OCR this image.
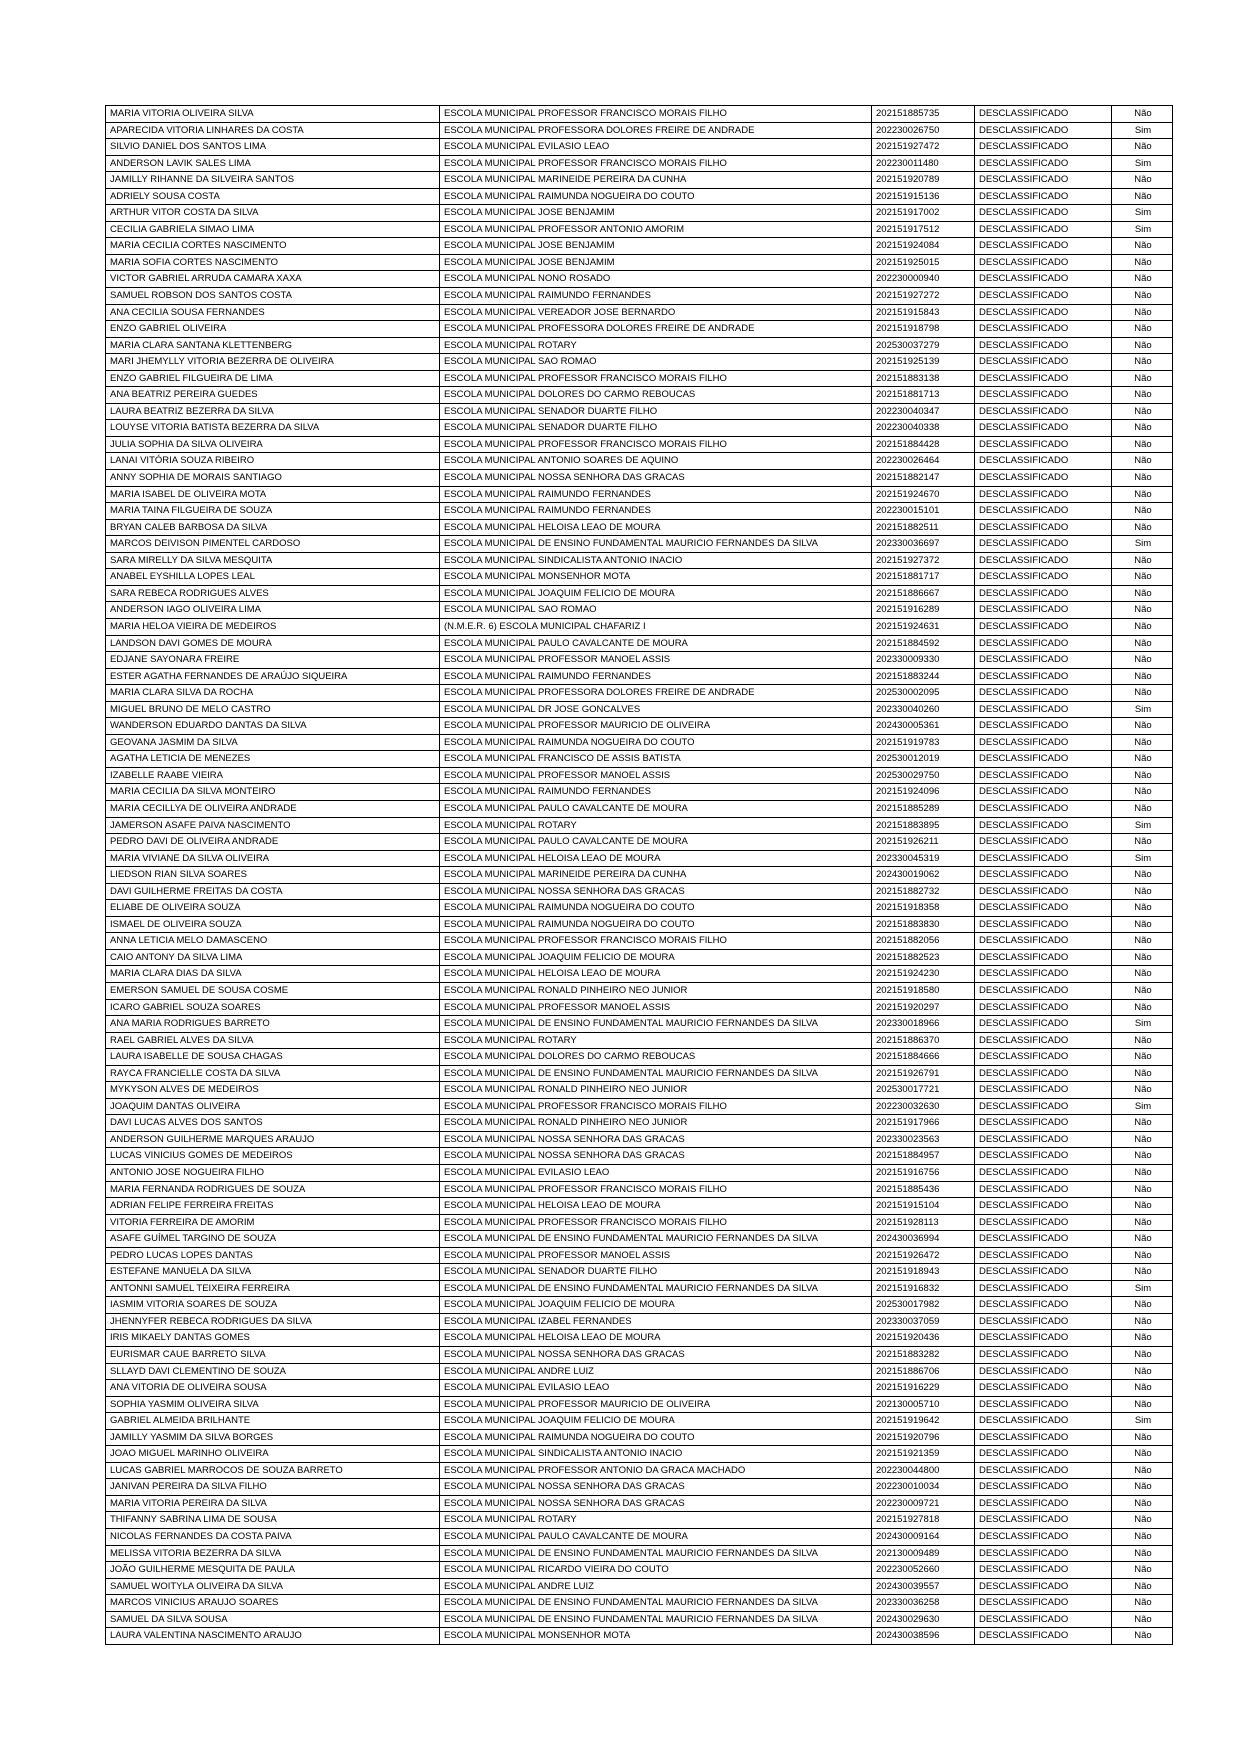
MARIA VITORIA OLIVEIRA SILVA	ESCOLA MUNICIPAL PROFESSOR FRANCISCO MORAIS FILHO	202151885735	DESCLASSIFICADO	Não
APARECIDA VITORIA LINHARES DA COSTA	ESCOLA MUNICIPAL PROFESSORA DOLORES FREIRE DE ANDRADE	202230026750	DESCLASSIFICADO	Sim
SILVIO DANIEL DOS SANTOS LIMA	ESCOLA MUNICIPAL EVILASIO LEAO	202151927472	DESCLASSIFICADO	Não
ANDERSON LAVIK SALES LIMA	ESCOLA MUNICIPAL PROFESSOR FRANCISCO MORAIS FILHO	202230011480	DESCLASSIFICADO	Sim
JAMILLY RIHANNE DA SILVEIRA SANTOS	ESCOLA MUNICIPAL MARINEIDE PEREIRA DA CUNHA	202151920789	DESCLASSIFICADO	Não
ADRIELY SOUSA COSTA	ESCOLA MUNICIPAL RAIMUNDA NOGUEIRA DO COUTO	202151915136	DESCLASSIFICADO	Não
ARTHUR VITOR COSTA DA SILVA	ESCOLA MUNICIPAL JOSE BENJAMIM	202151917002	DESCLASSIFICADO	Sim
CECILIA GABRIELA SIMAO LIMA	ESCOLA MUNICIPAL PROFESSOR ANTONIO AMORIM	202151917512	DESCLASSIFICADO	Sim
MARIA CECILIA CORTES NASCIMENTO	ESCOLA MUNICIPAL JOSE BENJAMIM	202151924084	DESCLASSIFICADO	Não
MARIA SOFIA CORTES NASCIMENTO	ESCOLA MUNICIPAL JOSE BENJAMIM	202151925015	DESCLASSIFICADO	Não
VICTOR GABRIEL ARRUDA CAMARA XAXA	ESCOLA MUNICIPAL NONO ROSADO	202230000940	DESCLASSIFICADO	Não
SAMUEL ROBSON DOS SANTOS COSTA	ESCOLA MUNICIPAL RAIMUNDO FERNANDES	202151927272	DESCLASSIFICADO	Não
ANA CECILIA SOUSA FERNANDES	ESCOLA MUNICIPAL VEREADOR JOSE BERNARDO	202151915843	DESCLASSIFICADO	Não
ENZO GABRIEL OLIVEIRA	ESCOLA MUNICIPAL PROFESSORA DOLORES FREIRE DE ANDRADE	202151918798	DESCLASSIFICADO	Não
MARIA CLARA SANTANA KLETTENBERG	ESCOLA MUNICIPAL ROTARY	202530037279	DESCLASSIFICADO	Não
MARI JHEMYLLY VITORIA BEZERRA DE OLIVEIRA	ESCOLA MUNICIPAL SAO ROMAO	202151925139	DESCLASSIFICADO	Não
ENZO GABRIEL FILGUEIRA DE LIMA	ESCOLA MUNICIPAL PROFESSOR FRANCISCO MORAIS FILHO	202151883138	DESCLASSIFICADO	Não
ANA BEATRIZ PEREIRA GUEDES	ESCOLA MUNICIPAL DOLORES DO CARMO REBOUCAS	202151881713	DESCLASSIFICADO	Não
LAURA BEATRIZ BEZERRA DA SILVA	ESCOLA MUNICIPAL SENADOR DUARTE FILHO	202230040347	DESCLASSIFICADO	Não
LOUYSE VITORIA BATISTA BEZERRA DA SILVA	ESCOLA MUNICIPAL SENADOR DUARTE FILHO	202230040338	DESCLASSIFICADO	Não
JULIA SOPHIA DA SILVA OLIVEIRA	ESCOLA MUNICIPAL PROFESSOR FRANCISCO MORAIS FILHO	202151884428	DESCLASSIFICADO	Não
LANAI VITÓRIA SOUZA RIBEIRO	ESCOLA MUNICIPAL ANTONIO SOARES DE AQUINO	202230026464	DESCLASSIFICADO	Não
ANNY SOPHIA DE MORAIS SANTIAGO	ESCOLA MUNICIPAL NOSSA SENHORA DAS GRACAS	202151882147	DESCLASSIFICADO	Não
MARIA ISABEL DE OLIVEIRA MOTA	ESCOLA MUNICIPAL RAIMUNDO FERNANDES	202151924670	DESCLASSIFICADO	Não
MARIA TAINA FILGUEIRA DE SOUZA	ESCOLA MUNICIPAL RAIMUNDO FERNANDES	202230015101	DESCLASSIFICADO	Não
BRYAN CALEB BARBOSA DA SILVA	ESCOLA MUNICIPAL HELOISA LEAO DE MOURA	202151882511	DESCLASSIFICADO	Não
MARCOS DEIVISON PIMENTEL CARDOSO	ESCOLA MUNICIPAL DE ENSINO FUNDAMENTAL MAURICIO FERNANDES DA SILVA	202330036697	DESCLASSIFICADO	Sim
SARA MIRELLY DA SILVA MESQUITA	ESCOLA MUNICIPAL SINDICALISTA ANTONIO INACIO	202151927372	DESCLASSIFICADO	Não
ANABEL EYSHILLA LOPES LEAL	ESCOLA MUNICIPAL MONSENHOR MOTA	202151881717	DESCLASSIFICADO	Não
SARA REBECA RODRIGUES ALVES	ESCOLA MUNICIPAL JOAQUIM FELICIO DE MOURA	202151886667	DESCLASSIFICADO	Não
ANDERSON IAGO OLIVEIRA LIMA	ESCOLA MUNICIPAL SAO ROMAO	202151916289	DESCLASSIFICADO	Não
MARIA HELOA VIEIRA DE MEDEIROS	(N.M.E.R. 6) ESCOLA MUNICIPAL CHAFARIZ I	202151924631	DESCLASSIFICADO	Não
LANDSON DAVI GOMES DE MOURA	ESCOLA MUNICIPAL PAULO CAVALCANTE DE MOURA	202151884592	DESCLASSIFICADO	Não
EDJANE SAYONARA FREIRE	ESCOLA MUNICIPAL PROFESSOR MANOEL ASSIS	202330009330	DESCLASSIFICADO	Não
ESTER AGATHA FERNANDES DE ARAÚJO SIQUEIRA	ESCOLA MUNICIPAL RAIMUNDO FERNANDES	202151883244	DESCLASSIFICADO	Não
MARIA CLARA SILVA DA ROCHA	ESCOLA MUNICIPAL PROFESSORA DOLORES FREIRE DE ANDRADE	202530002095	DESCLASSIFICADO	Não
MIGUEL BRUNO DE MELO CASTRO	ESCOLA MUNICIPAL DR JOSE GONCALVES	202330040260	DESCLASSIFICADO	Sim
WANDERSON EDUARDO DANTAS DA SILVA	ESCOLA MUNICIPAL PROFESSOR MAURICIO DE OLIVEIRA	202430005361	DESCLASSIFICADO	Não
GEOVANA JASMIM DA SILVA	ESCOLA MUNICIPAL RAIMUNDA NOGUEIRA DO COUTO	202151919783	DESCLASSIFICADO	Não
AGATHA LETICIA DE MENEZES	ESCOLA MUNICIPAL FRANCISCO DE ASSIS BATISTA	202530012019	DESCLASSIFICADO	Não
IZABELLE RAABE VIEIRA	ESCOLA MUNICIPAL PROFESSOR MANOEL ASSIS	202530029750	DESCLASSIFICADO	Não
MARIA CECILIA DA SILVA MONTEIRO	ESCOLA MUNICIPAL RAIMUNDO FERNANDES	202151924096	DESCLASSIFICADO	Não
MARIA CECILLYA DE OLIVEIRA ANDRADE	ESCOLA MUNICIPAL PAULO CAVALCANTE DE MOURA	202151885289	DESCLASSIFICADO	Não
JAMERSON ASAFE PAIVA NASCIMENTO	ESCOLA MUNICIPAL ROTARY	202151883895	DESCLASSIFICADO	Sim
PEDRO DAVI DE OLIVEIRA ANDRADE	ESCOLA MUNICIPAL PAULO CAVALCANTE DE MOURA	202151926211	DESCLASSIFICADO	Não
MARIA VIVIANE DA SILVA OLIVEIRA	ESCOLA MUNICIPAL HELOISA LEAO DE MOURA	202330045319	DESCLASSIFICADO	Sim
LIEDSON RIAN SILVA SOARES	ESCOLA MUNICIPAL MARINEIDE PEREIRA DA CUNHA	202430019062	DESCLASSIFICADO	Não
DAVI GUILHERME FREITAS DA COSTA	ESCOLA MUNICIPAL NOSSA SENHORA DAS GRACAS	202151882732	DESCLASSIFICADO	Não
ELIABE DE OLIVEIRA SOUZA	ESCOLA MUNICIPAL RAIMUNDA NOGUEIRA DO COUTO	202151918358	DESCLASSIFICADO	Não
ISMAEL DE OLIVEIRA SOUZA	ESCOLA MUNICIPAL RAIMUNDA NOGUEIRA DO COUTO	202151883830	DESCLASSIFICADO	Não
ANNA LETICIA MELO DAMASCENO	ESCOLA MUNICIPAL PROFESSOR FRANCISCO MORAIS FILHO	202151882056	DESCLASSIFICADO	Não
CAIO ANTONY DA SILVA LIMA	ESCOLA MUNICIPAL JOAQUIM FELICIO DE MOURA	202151882523	DESCLASSIFICADO	Não
MARIA CLARA DIAS DA SILVA	ESCOLA MUNICIPAL HELOISA LEAO DE MOURA	202151924230	DESCLASSIFICADO	Não
EMERSON SAMUEL DE SOUSA COSME	ESCOLA MUNICIPAL RONALD PINHEIRO NEO JUNIOR	202151918580	DESCLASSIFICADO	Não
ICARO GABRIEL SOUZA SOARES	ESCOLA MUNICIPAL PROFESSOR MANOEL ASSIS	202151920297	DESCLASSIFICADO	Não
ANA MARIA RODRIGUES BARRETO	ESCOLA MUNICIPAL DE ENSINO FUNDAMENTAL MAURICIO FERNANDES DA SILVA	202330018966	DESCLASSIFICADO	Sim
RAEL GABRIEL ALVES DA SILVA	ESCOLA MUNICIPAL ROTARY	202151886370	DESCLASSIFICADO	Não
LAURA ISABELLE DE SOUSA CHAGAS	ESCOLA MUNICIPAL DOLORES DO CARMO REBOUCAS	202151884666	DESCLASSIFICADO	Não
RAYCA FRANCIELLE COSTA DA SILVA	ESCOLA MUNICIPAL DE ENSINO FUNDAMENTAL MAURICIO FERNANDES DA SILVA	202151926791	DESCLASSIFICADO	Não
MYKYSON ALVES DE MEDEIROS	ESCOLA MUNICIPAL RONALD PINHEIRO NEO JUNIOR	202530017721	DESCLASSIFICADO	Não
JOAQUIM DANTAS OLIVEIRA	ESCOLA MUNICIPAL PROFESSOR FRANCISCO MORAIS FILHO	202230032630	DESCLASSIFICADO	Sim
DAVI LUCAS ALVES DOS SANTOS	ESCOLA MUNICIPAL RONALD PINHEIRO NEO JUNIOR	202151917966	DESCLASSIFICADO	Não
ANDERSON GUILHERME MARQUES ARAUJO	ESCOLA MUNICIPAL NOSSA SENHORA DAS GRACAS	202330023563	DESCLASSIFICADO	Não
LUCAS VINICIUS GOMES DE MEDEIROS	ESCOLA MUNICIPAL NOSSA SENHORA DAS GRACAS	202151884957	DESCLASSIFICADO	Não
ANTONIO JOSE NOGUEIRA FILHO	ESCOLA MUNICIPAL EVILASIO LEAO	202151916756	DESCLASSIFICADO	Não
MARIA FERNANDA RODRIGUES DE SOUZA	ESCOLA MUNICIPAL PROFESSOR FRANCISCO MORAIS FILHO	202151885436	DESCLASSIFICADO	Não
ADRIAN FELIPE FERREIRA FREITAS	ESCOLA MUNICIPAL HELOISA LEAO DE MOURA	202151915104	DESCLASSIFICADO	Não
VITORIA FERREIRA DE AMORIM	ESCOLA MUNICIPAL PROFESSOR FRANCISCO MORAIS FILHO	202151928113	DESCLASSIFICADO	Não
ASAFE GUÍMEL TARGINO DE SOUZA	ESCOLA MUNICIPAL DE ENSINO FUNDAMENTAL MAURICIO FERNANDES DA SILVA	202430036994	DESCLASSIFICADO	Não
PEDRO LUCAS LOPES DANTAS	ESCOLA MUNICIPAL PROFESSOR MANOEL ASSIS	202151926472	DESCLASSIFICADO	Não
ESTEFANE MANUELA DA SILVA	ESCOLA MUNICIPAL SENADOR DUARTE FILHO	202151918943	DESCLASSIFICADO	Não
ANTONNI SAMUEL TEIXEIRA FERREIRA	ESCOLA MUNICIPAL DE ENSINO FUNDAMENTAL MAURICIO FERNANDES DA SILVA	202151916832	DESCLASSIFICADO	Sim
IASMIM VITORIA SOARES DE SOUZA	ESCOLA MUNICIPAL JOAQUIM FELICIO DE MOURA	202530017982	DESCLASSIFICADO	Não
JHENNYFER REBECA RODRIGUES DA SILVA	ESCOLA MUNICIPAL IZABEL FERNANDES	202330037059	DESCLASSIFICADO	Não
IRIS MIKAELY DANTAS GOMES	ESCOLA MUNICIPAL HELOISA LEAO DE MOURA	202151920436	DESCLASSIFICADO	Não
EURISMAR CAUE BARRETO SILVA	ESCOLA MUNICIPAL NOSSA SENHORA DAS GRACAS	202151883282	DESCLASSIFICADO	Não
SLLAYD DAVI CLEMENTINO DE SOUZA	ESCOLA MUNICIPAL ANDRE LUIZ	202151886706	DESCLASSIFICADO	Não
ANA VITORIA DE OLIVEIRA SOUSA	ESCOLA MUNICIPAL EVILASIO LEAO	202151916229	DESCLASSIFICADO	Não
SOPHIA YASMIM OLIVEIRA SILVA	ESCOLA MUNICIPAL PROFESSOR MAURICIO DE OLIVEIRA	202130005710	DESCLASSIFICADO	Não
GABRIEL ALMEIDA BRILHANTE	ESCOLA MUNICIPAL JOAQUIM FELICIO DE MOURA	202151919642	DESCLASSIFICADO	Sim
JAMILLY YASMIM DA SILVA BORGES	ESCOLA MUNICIPAL RAIMUNDA NOGUEIRA DO COUTO	202151920796	DESCLASSIFICADO	Não
JOAO MIGUEL MARINHO OLIVEIRA	ESCOLA MUNICIPAL SINDICALISTA ANTONIO INACIO	202151921359	DESCLASSIFICADO	Não
LUCAS GABRIEL MARROCOS DE SOUZA BARRETO	ESCOLA MUNICIPAL PROFESSOR ANTONIO DA GRACA MACHADO	202230044800	DESCLASSIFICADO	Não
JANIVAN PEREIRA DA SILVA FILHO	ESCOLA MUNICIPAL NOSSA SENHORA DAS GRACAS	202230010034	DESCLASSIFICADO	Não
MARIA VITORIA PEREIRA DA SILVA	ESCOLA MUNICIPAL NOSSA SENHORA DAS GRACAS	202230009721	DESCLASSIFICADO	Não
THIFANNY SABRINA LIMA DE SOUSA	ESCOLA MUNICIPAL ROTARY	202151927818	DESCLASSIFICADO	Não
NICOLAS FERNANDES DA COSTA PAIVA	ESCOLA MUNICIPAL PAULO CAVALCANTE DE MOURA	202430009164	DESCLASSIFICADO	Não
MELISSA VITORIA BEZERRA DA SILVA	ESCOLA MUNICIPAL DE ENSINO FUNDAMENTAL MAURICIO FERNANDES DA SILVA	202130009489	DESCLASSIFICADO	Não
JOÃO GUILHERME MESQUITA DE PAULA	ESCOLA MUNICIPAL RICARDO VIEIRA DO COUTO	202230052660	DESCLASSIFICADO	Não
SAMUEL WOITYLA OLIVEIRA DA SILVA	ESCOLA MUNICIPAL ANDRE LUIZ	202430039557	DESCLASSIFICADO	Não
MARCOS VINICIUS ARAUJO SOARES	ESCOLA MUNICIPAL DE ENSINO FUNDAMENTAL MAURICIO FERNANDES DA SILVA	202330036258	DESCLASSIFICADO	Não
SAMUEL DA SILVA SOUSA	ESCOLA MUNICIPAL DE ENSINO FUNDAMENTAL MAURICIO FERNANDES DA SILVA	202430029630	DESCLASSIFICADO	Não
LAURA VALENTINA NASCIMENTO ARAUJO	ESCOLA MUNICIPAL MONSENHOR MOTA	202430038596	DESCLASSIFICADO	Não
